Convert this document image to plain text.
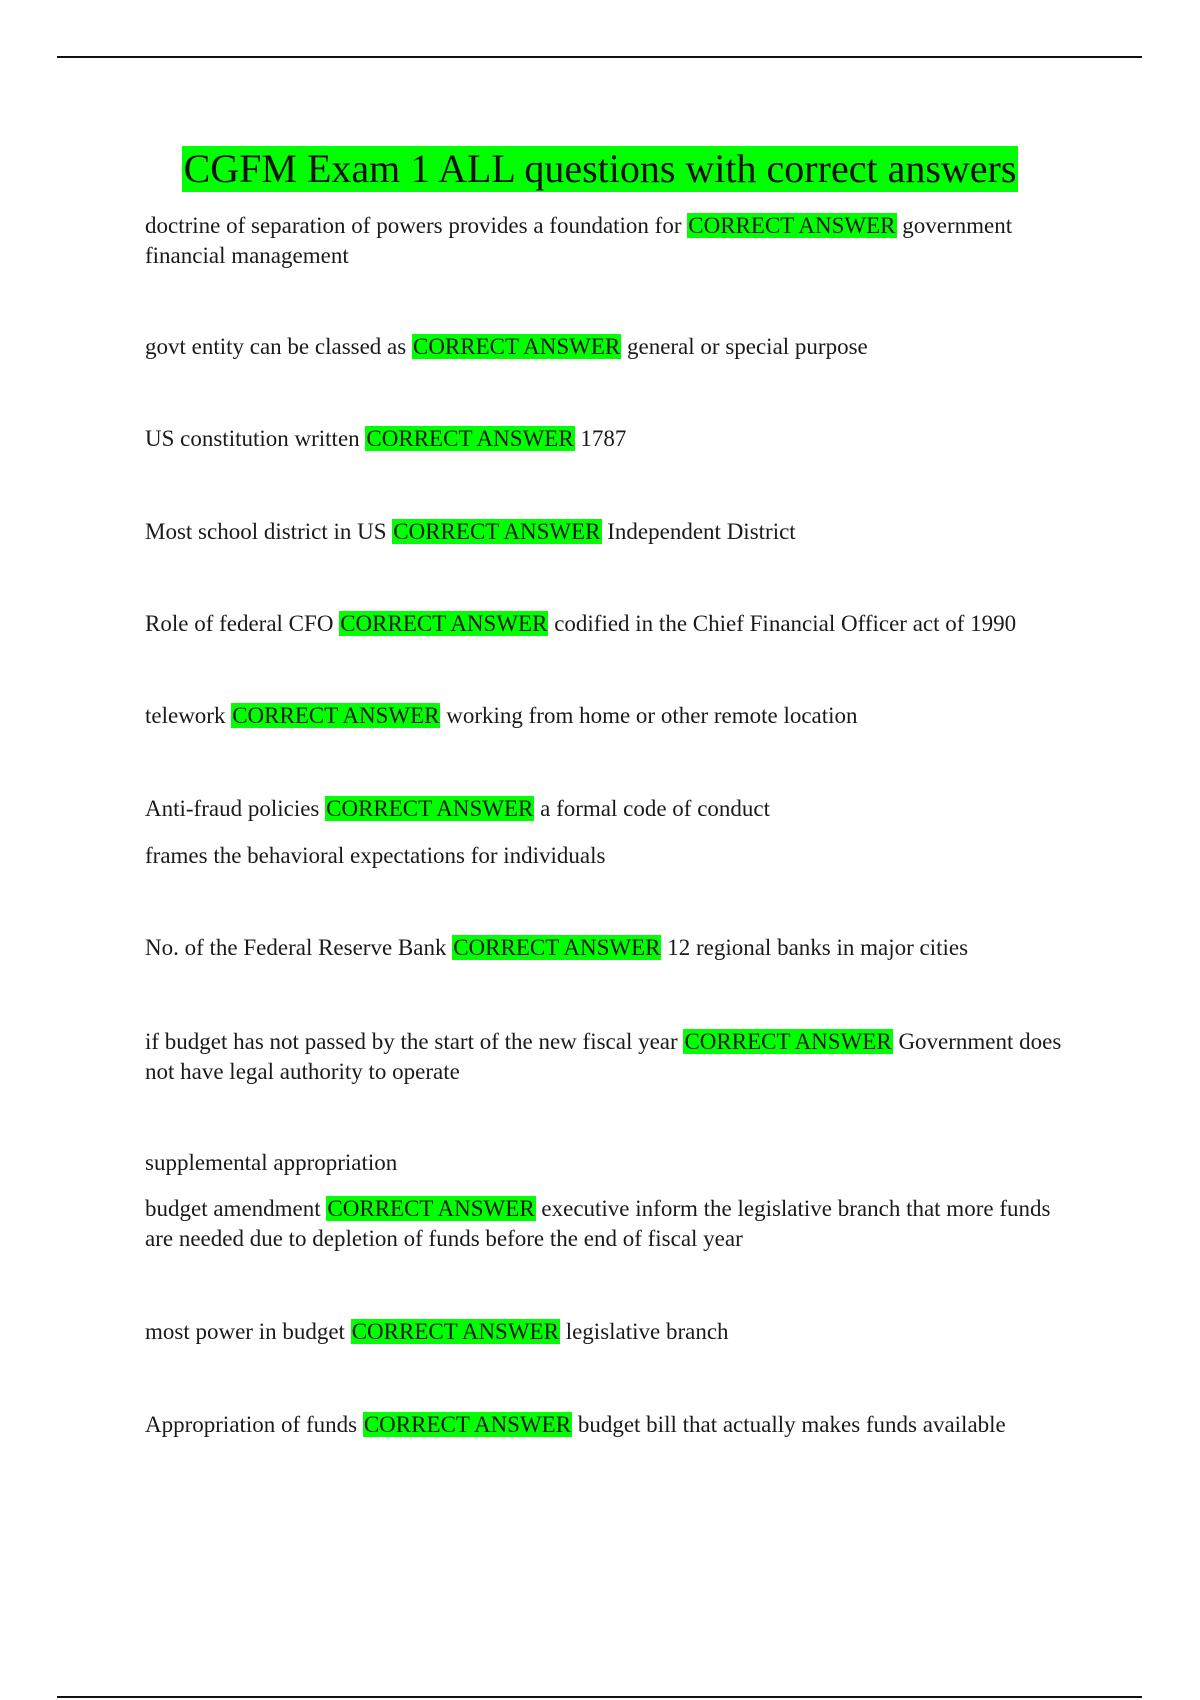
CGFM Exam 1 ALL questions with correct answers

doctrine of separation of powers provides a foundation for CORRECT ANSWER government financial management

govt entity can be classed as CORRECT ANSWER general or special purpose

US constitution written CORRECT ANSWER 1787

Most school district in US CORRECT ANSWER Independent District

Role of federal CFO CORRECT ANSWER codified in the Chief Financial Officer act of 1990

telework CORRECT ANSWER working from home or other remote location

Anti-fraud policies CORRECT ANSWER a formal code of conduct

frames the behavioral expectations for individuals

No. of the Federal Reserve Bank CORRECT ANSWER 12 regional banks in major cities

if budget has not passed by the start of the new fiscal year CORRECT ANSWER Government does not have legal authority to operate

supplemental appropriation

budget amendment CORRECT ANSWER executive inform the legislative branch that more funds are needed due to depletion of funds before the end of fiscal year

most power in budget CORRECT ANSWER legislative branch

Appropriation of funds CORRECT ANSWER budget bill that actually makes funds available
